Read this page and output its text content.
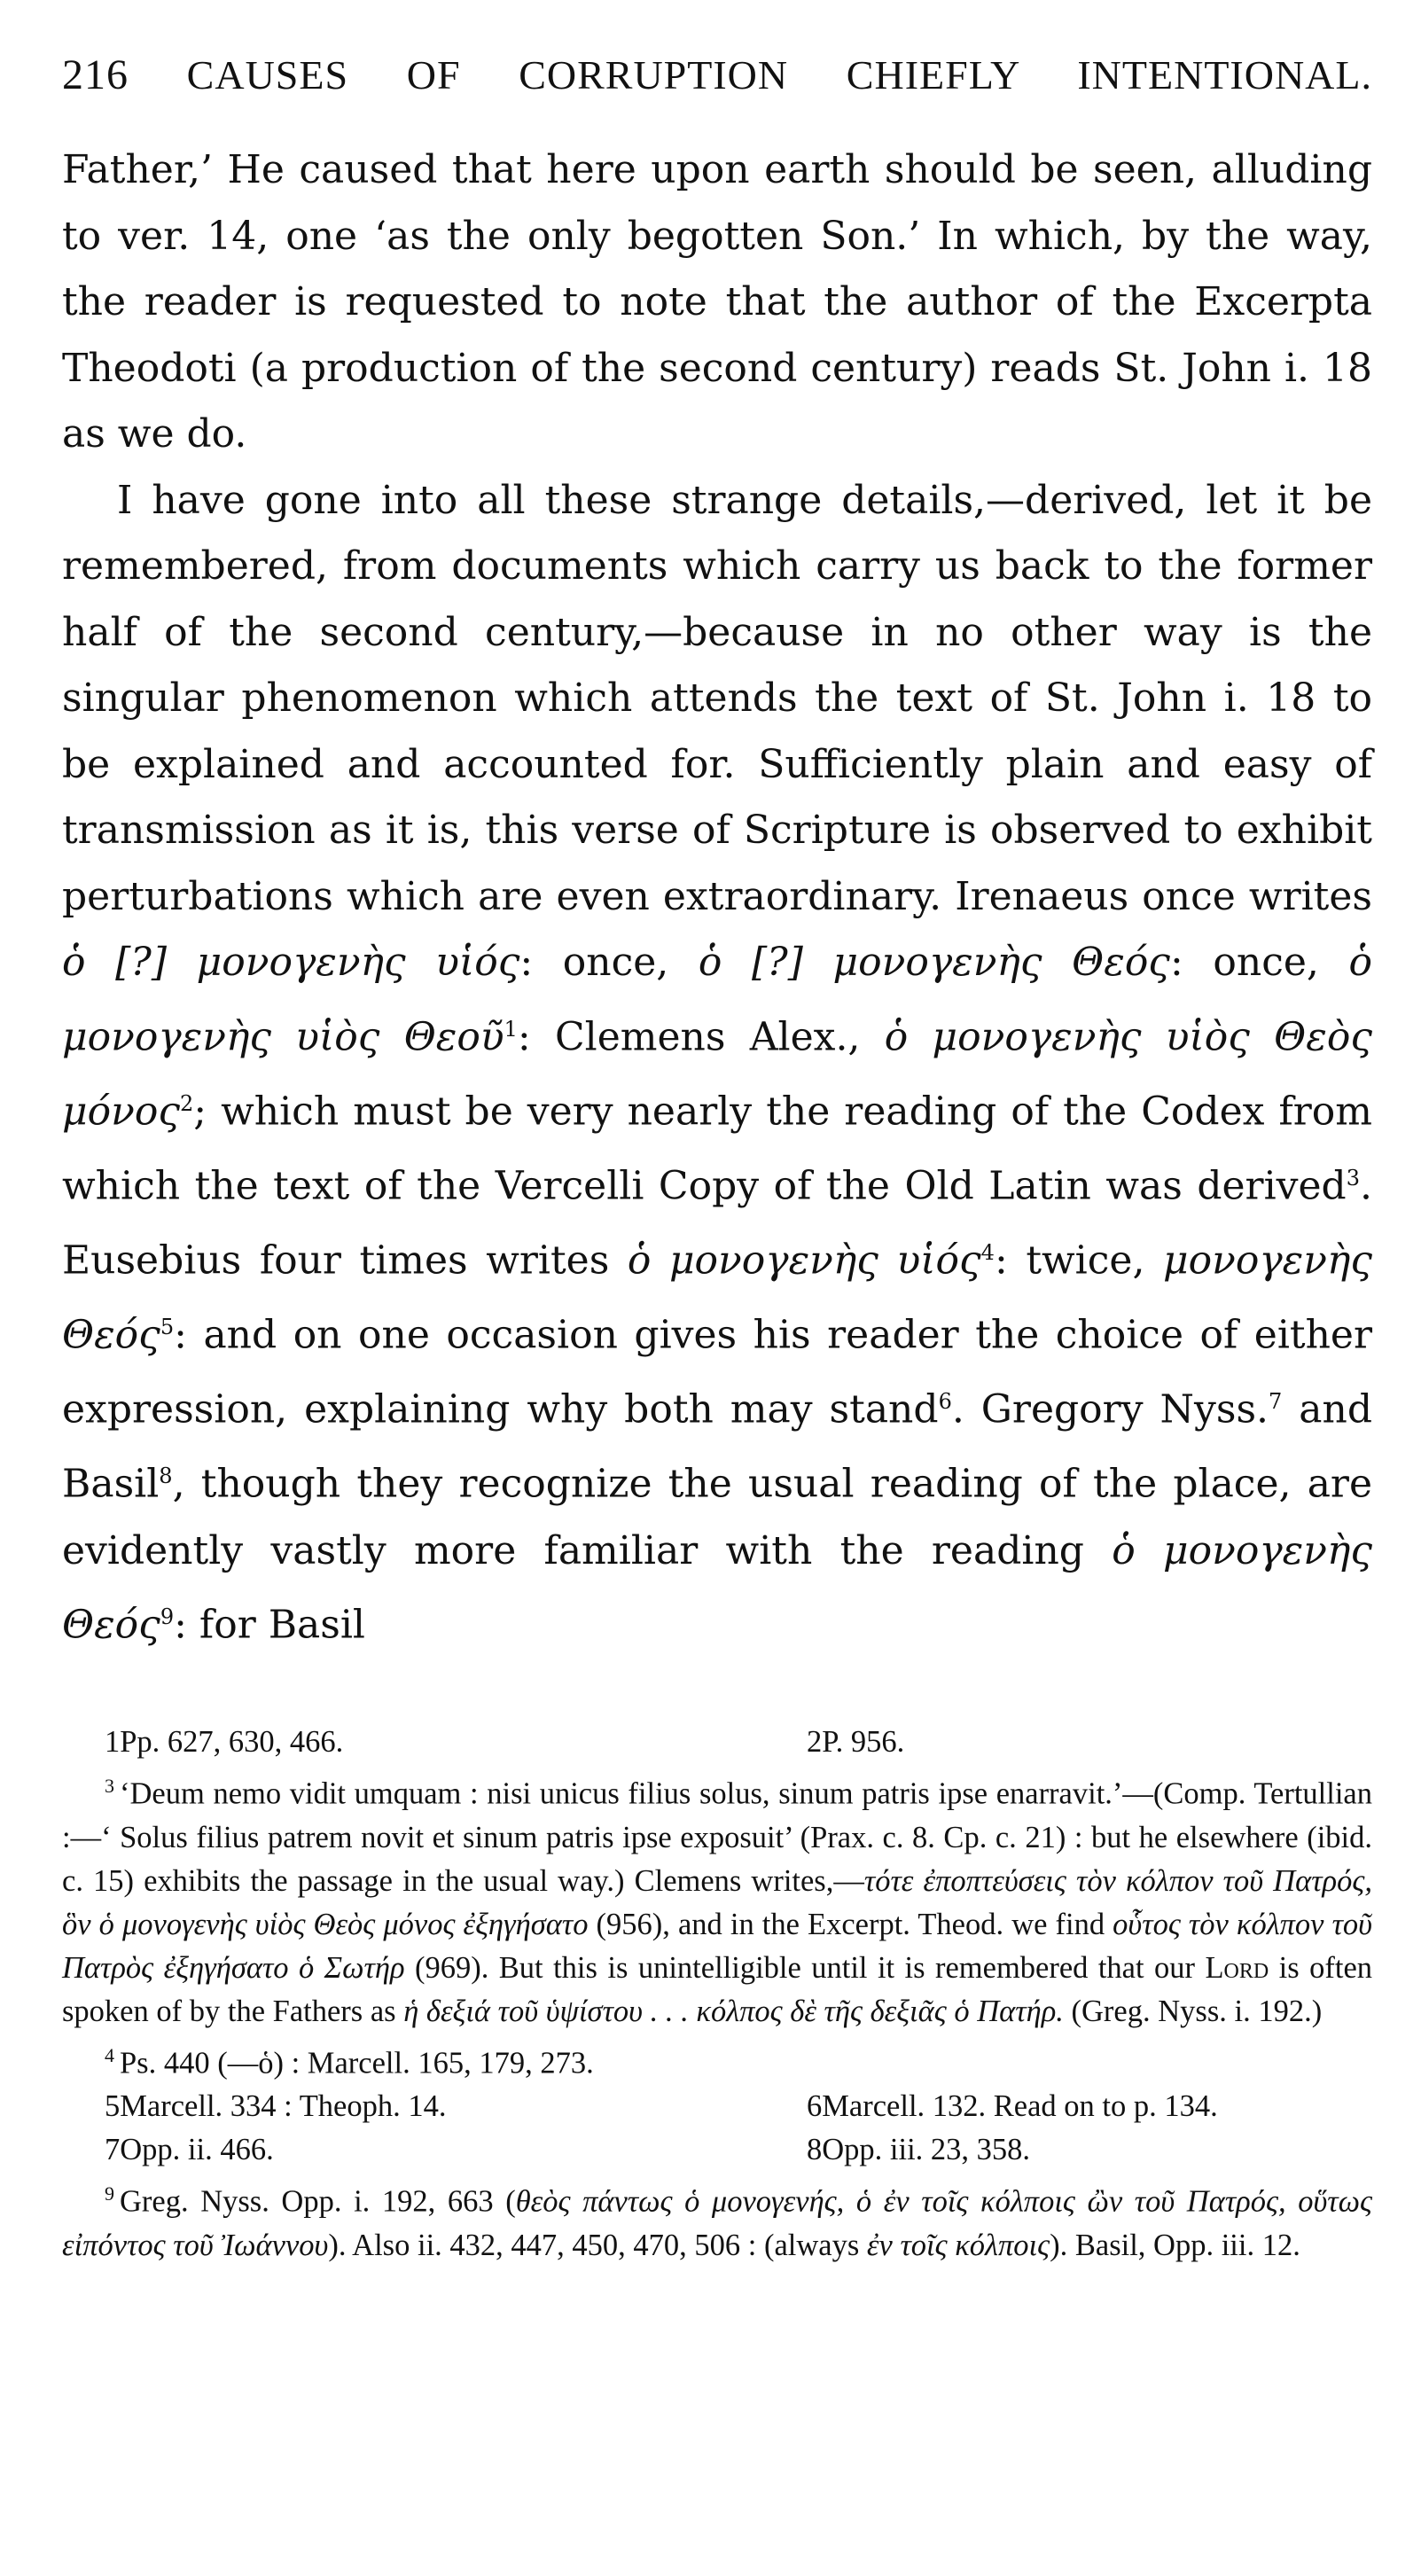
216 CAUSES OF CORRUPTION CHIEFLY INTENTIONAL.

Father,’ He caused that here upon earth should be seen, alluding to ver. 14, one ‘as the only begotten Son.’ In which, by the way, the reader is requested to note that the author of the Excerpta Theodoti (a production of the second century) reads St. John i. 18 as we do.

I have gone into all these strange details,—derived, let it be remembered, from documents which carry us back to the former half of the second century,—because in no other way is the singular phenomenon which attends the text of St. John i. 18 to be explained and accounted for. Sufficiently plain and easy of transmission as it is, this verse of Scripture is observed to exhibit perturbations which are even extraordinary. Irenaeus once writes ὁ [?] μονογενὴς υἱός: once, ὁ [?] μονογενὴς Θεός: once, ὁ μονογενὴς υἱὸς Θεοῦ$^1$: Clemens Alex., ὁ μονογενὴς υἱὸς Θεὸς μόνος$^2$; which must be very nearly the reading of the Codex from which the text of the Vercelli Copy of the Old Latin was derived$^3$. Eusebius four times writes ὁ μονογενὴς υἱός$^4$: twice, μονογενὴς Θεός$^5$: and on one occasion gives his reader the choice of either expression, explaining why both may stand$^6$. Gregory Nyss.$^7$ and Basil$^8$, though they recognize the usual reading of the place, are evidently vastly more familiar with the reading ὁ μονογενὴς Θεός$^9$: for Basil

1Pp. 627, 630, 466.	2P. 956.

$^3$ ‘Deum nemo vidit umquam : nisi unicus filius solus, sinum patris ipse enarravit.’—(Comp. Tertullian :—‘ Solus filius patrem novit et sinum patris ipse exposuit’ (Prax. c. 8. Cp. c. 21) : but he elsewhere (ibid. c. 15) exhibits the passage in the usual way.) Clemens writes,—τότε ἐποπτεύσεις τὸν κόλπον τοῦ Πατρός, ὃν ὁ μονογενὴς υἱὸς Θεὸς μόνος ἐξηγήσατο (956), and in the Excerpt. Theod. we find οὗτος τὸν κόλπον τοῦ Πατρὸς ἐξηγήσατο ὁ Σωτήρ (969). But this is unintelligible until it is remembered that our Lord is often spoken of by the Fathers as ἡ δεξιά τοῦ ὑψίστου . . . κόλπος δὲ τῆς δεξιᾶς ὁ Πατήρ. (Greg. Nyss. i. 192.)

$^4$ Ps. 440 (—ὁ) : Marcell. 165, 179, 273.

5Marcell. 334 : Theoph. 14.	6Marcell. 132. Read on to p. 134.
7Opp. ii. 466.	8Opp. iii. 23, 358.

$^9$ Greg. Nyss. Opp. i. 192, 663 (θεὸς πάντως ὁ μονογενής, ὁ ἐν τοῖς κόλποις ὢν τοῦ Πατρός, οὕτως εἰπόντος τοῦ Ἰωάννου). Also ii. 432, 447, 450, 470, 506 : (always ἐν τοῖς κόλποις). Basil, Opp. iii. 12.
